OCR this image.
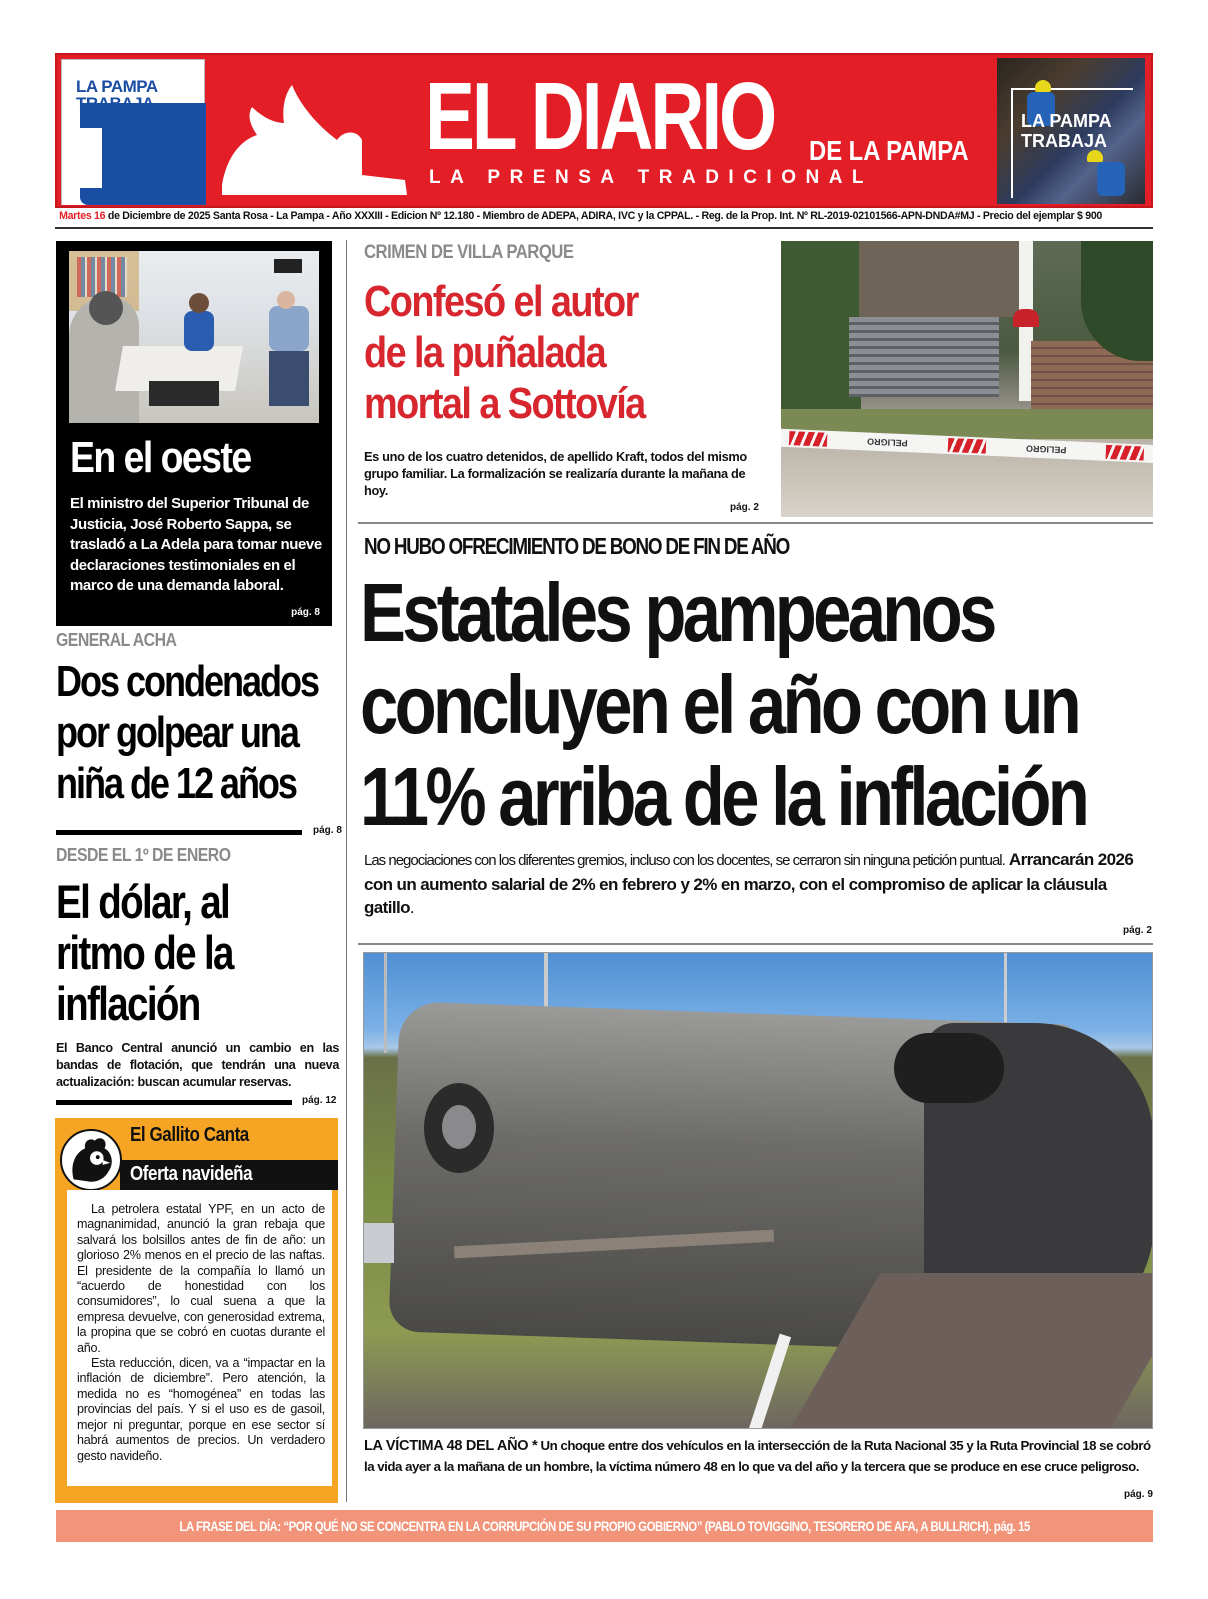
LA PAMPA
TRABAJA	EL DIARIO DE LA PAMPA
LA PRENSA TRADICIONAL
LA PAMPA
TRABAJA
Martes 16 de Diciembre de 2025 Santa Rosa - La Pampa - Año XXXIII - Edicion Nº 12.180 - Miembro de ADEPA, ADIRA, IVC y la CPPAL. - Reg. de la Prop. Int. Nº RL-2019-02101566-APN-DNDA#MJ - Precio del ejemplar $ 900
En el oeste

El ministro del Superior Tribunal de Justicia, José Roberto Sappa, se trasladó a La Adela para tomar nueve declaraciones testimoniales en el marco de una demanda laboral.

pág. 8
GENERAL ACHA
Dos condenados
por golpear una
niña de 12 años
pág. 8
DESDE EL 1º DE ENERO
El dólar, al
ritmo de la
inflación

El Banco Central anunció un cambio en las bandas de flotación, que tendrán una nueva actualización: buscan acumular reservas.

pág. 12
El Gallito Canta
Oferta navideña

La petrolera estatal YPF, en un acto de magnanimidad, anunció la gran rebaja que salvará los bolsillos antes de fin de año: un glorioso 2% menos en el precio de las naftas. El presidente de la compañía lo llamó un “acuerdo de honestidad con los consumidores”, lo cual suena a que la empresa devuelve, con generosidad extrema, la propina que se cobró en cuotas durante el año.

Esta reducción, dicen, va a “impactar en la inflación de diciembre”. Pero atención, la medida no es “homogénea” en todas las provincias del país. Y si el uso es de gasoil, mejor ni preguntar, porque en ese sector sí habrá aumentos de precios. Un verdadero gesto navideño.

CRIMEN DE VILLA PARQUE
Confesó el autor
de la puñalada
mortal a Sottovía

Es uno de los cuatro detenidos, de apellido Kraft, todos del mismo grupo familiar. La formalización se realizaría durante la mañana de hoy.

pág. 2
PELIGRO
PELIGRO
NO HUBO OFRECIMIENTO DE BONO DE FIN DE AÑO
Estatales pampeanos
concluyen el año con un
11% arriba de la inflación

Las negociaciones con los diferentes gremios, incluso con los docentes, se cerraron sin ninguna petición puntual. Arrancarán 2026 con un aumento salarial de 2% en febrero y 2% en marzo, con el compromiso de aplicar la cláusula gatillo.

pág. 2

LA VÍCTIMA 48 DEL AÑO * Un choque entre dos vehículos en la intersección de la Ruta Nacional 35 y la Ruta Provincial 18 se cobró la vida ayer a la mañana de un hombre, la víctima número 48 en lo que va del año y la tercera que se produce en ese cruce peligroso.

pág. 9
LA FRASE DEL DÍA: “POR QUÉ NO SE CONCENTRA EN LA CORRUPCIÓN DE SU PROPIO GOBIERNO” (PABLO TOVIGGINO, TESORERO DE AFA, A BULLRICH). pág. 15
